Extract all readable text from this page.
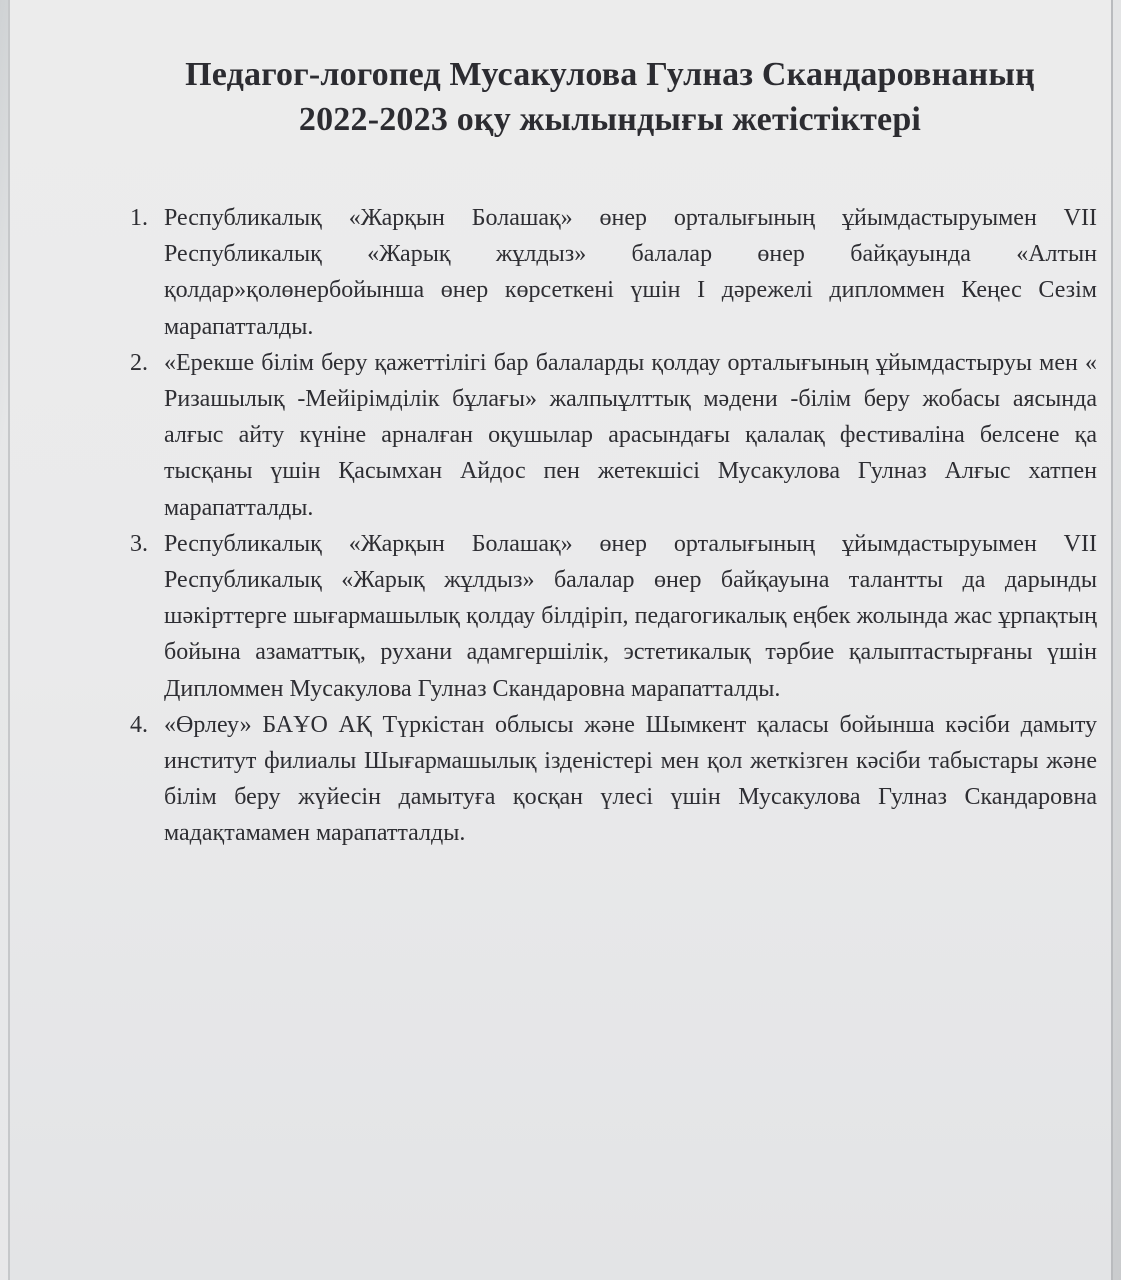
Педагог-логопед Мусакулова Гулназ Скандаровнаның
2022-2023 оқу жылындығы жетістіктері
1. Республикалық «Жарқын Болашақ» өнер орталығының ұйымдастыруымен VII Республикалық «Жарық жұлдыз» балалар өнер байқауында «Алтын қолдар»қолөнербойынша өнер көрсеткені үшін I дәрежелі дипломмен Кеңес Сезім марапатталды.
2. «Ерекше білім беру қажеттілігі бар балаларды қолдау орталығының ұйымдастыруы мен « Ризашылық -Мейірімділік бұлағы» жалпыұлттық мәдени -білім беру жобасы аясында алғыс айту күніне арналған оқушылар арасындағы қалалақ фестиваліна белсене қа тысқаны үшін Қасымхан Айдос пен жетекшісі Мусакулова Гулназ Алғыс хатпен марапатталды.
3. Республикалық «Жарқын Болашақ» өнер орталығының ұйымдастыруымен VII Республикалық «Жарық жұлдыз» балалар өнер байқауына талантты да дарынды шәкірттерге шығармашылық қолдау білдіріп, педагогикалық еңбек жолында жас ұрпақтың бойына азаматтық, рухани адамгершілік, эстетикалық тәрбие қалыптастырғаны үшін Дипломмен Мусакулова Гулназ Скандаровна марапатталды.
4. «Өрлеу» БАҰО АҚ Түркістан облысы және Шымкент қаласы бойынша кәсіби дамыту институт филиалы Шығармашылық ізденістері мен қол жеткізген кәсіби табыстары және білім беру жүйесін дамытуға қосқан үлесі үшін Мусакулова Гулназ Скандаровна мадақтамамен марапатталды.
